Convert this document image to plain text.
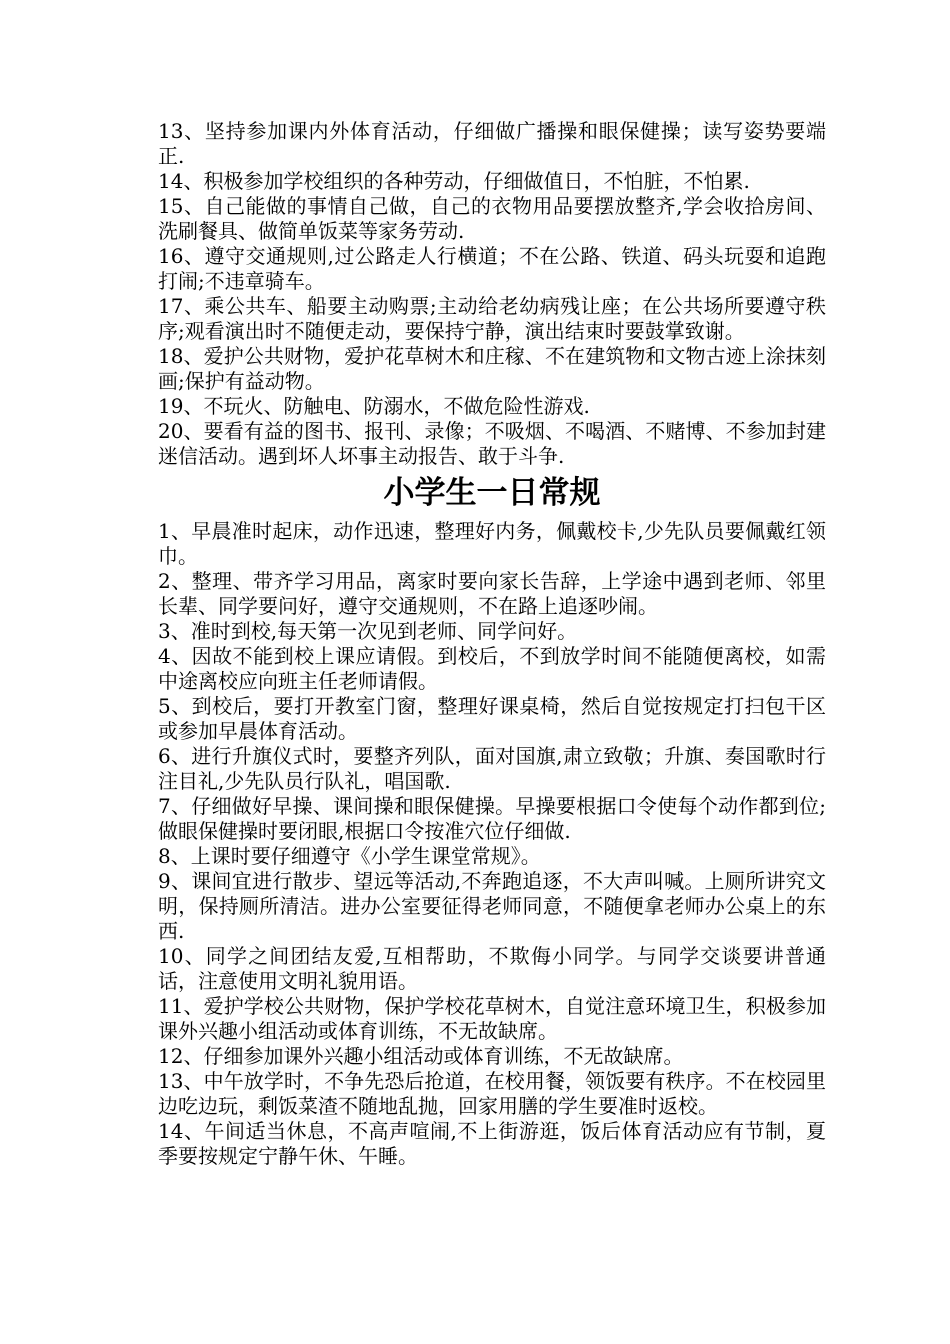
13、坚持参加课内外体育活动，仔细做广播操和眼保健操；读写姿势要端正.

14、积极参加学校组织的各种劳动，仔细做值日，不怕脏，不怕累.

15、自己能做的事情自己做，自己的衣物用品要摆放整齐,学会收拾房间、洗刷餐具、做简单饭菜等家务劳动.

16、遵守交通规则,过公路走人行横道；不在公路、铁道、码头玩耍和追跑打闹;不违章骑车。

17、乘公共车、船要主动购票;主动给老幼病残让座；在公共场所要遵守秩序;观看演出时不随便走动，要保持宁静，演出结束时要鼓掌致谢。

18、爱护公共财物，爱护花草树木和庄稼、不在建筑物和文物古迹上涂抹刻画;保护有益动物。

19、不玩火、防触电、防溺水，不做危险性游戏.

20、要看有益的图书、报刊、录像；不吸烟、不喝酒、不赌博、不参加封建迷信活动。遇到坏人坏事主动报告、敢于斗争.

小学生一日常规

1、早晨准时起床，动作迅速，整理好内务，佩戴校卡,少先队员要佩戴红领巾。

2、整理、带齐学习用品，离家时要向家长告辞，上学途中遇到老师、邻里长辈、同学要问好，遵守交通规则，不在路上追逐吵闹。

3、准时到校,每天第一次见到老师、同学问好。

4、因故不能到校上课应请假。到校后，不到放学时间不能随便离校，如需中途离校应向班主任老师请假。

5、到校后，要打开教室门窗，整理好课桌椅，然后自觉按规定打扫包干区或参加早晨体育活动。

6、进行升旗仪式时，要整齐列队，面对国旗,肃立致敬；升旗、奏国歌时行注目礼,少先队员行队礼，唱国歌.

7、仔细做好早操、课间操和眼保健操。早操要根据口令使每个动作都到位;做眼保健操时要闭眼,根据口令按准穴位仔细做.

8、上课时要仔细遵守《小学生课堂常规》。

9、课间宜进行散步、望远等活动,不奔跑追逐，不大声叫喊。上厕所讲究文明，保持厕所清洁。进办公室要征得老师同意，不随便拿老师办公桌上的东西.

10、同学之间团结友爱,互相帮助，不欺侮小同学。与同学交谈要讲普通话，注意使用文明礼貌用语。

11、爱护学校公共财物，保护学校花草树木，自觉注意环境卫生，积极参加课外兴趣小组活动或体育训练，不无故缺席。

12、仔细参加课外兴趣小组活动或体育训练，不无故缺席。

13、中午放学时，不争先恐后抢道，在校用餐，领饭要有秩序。不在校园里边吃边玩，剩饭菜渣不随地乱抛，回家用膳的学生要准时返校。

14、午间适当休息，不高声喧闹,不上街游逛，饭后体育活动应有节制，夏季要按规定宁静午休、午睡。
